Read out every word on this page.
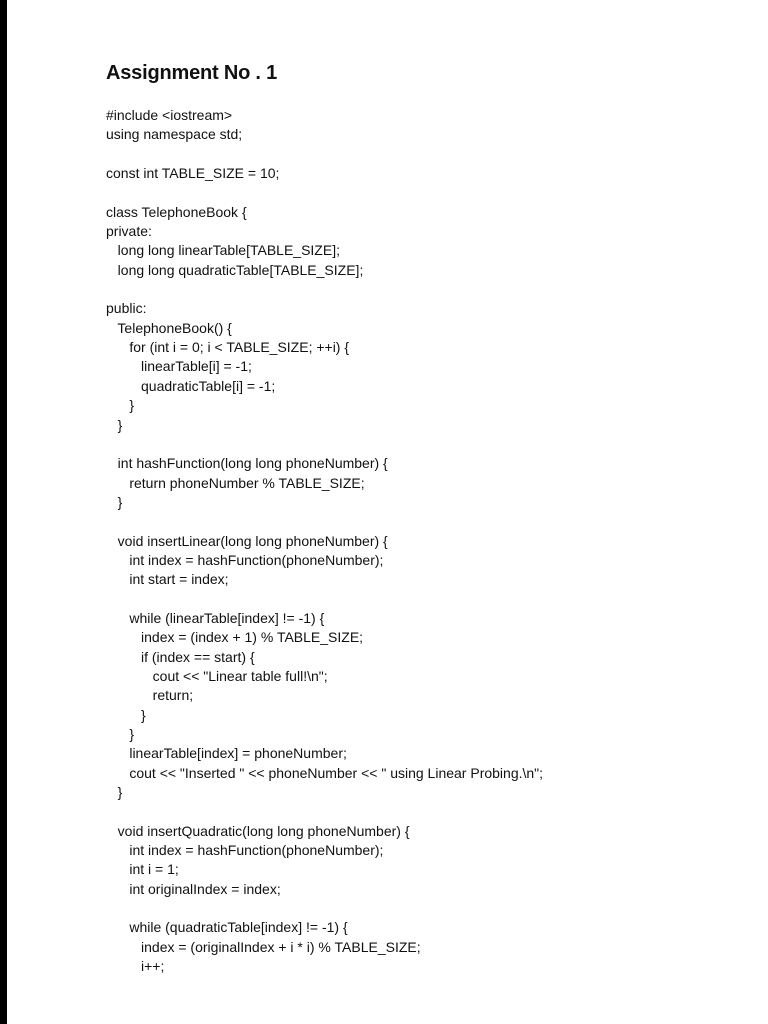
Assignment No . 1
#include <iostream>
using namespace std;
const int TABLE_SIZE = 10;
class TelephoneBook {
private:
long long linearTable[TABLE_SIZE];
long long quadraticTable[TABLE_SIZE];
public:
TelephoneBook() {
for (int i = 0; i < TABLE_SIZE; ++i) {
linearTable[i] = -1;
quadraticTable[i] = -1;
}
}
int hashFunction(long long phoneNumber) {
return phoneNumber % TABLE_SIZE;
}
void insertLinear(long long phoneNumber) {
int index = hashFunction(phoneNumber);
int start = index;
while (linearTable[index] != -1) {
index = (index + 1) % TABLE_SIZE;
if (index == start) {
cout << "Linear table full!\n";
return;
}
}
linearTable[index] = phoneNumber;
cout << "Inserted " << phoneNumber << " using Linear Probing.\n";
}
void insertQuadratic(long long phoneNumber) {
int index = hashFunction(phoneNumber);
int i = 1;
int originalIndex = index;
while (quadraticTable[index] != -1) {
index = (originalIndex + i * i) % TABLE_SIZE;
i++;
